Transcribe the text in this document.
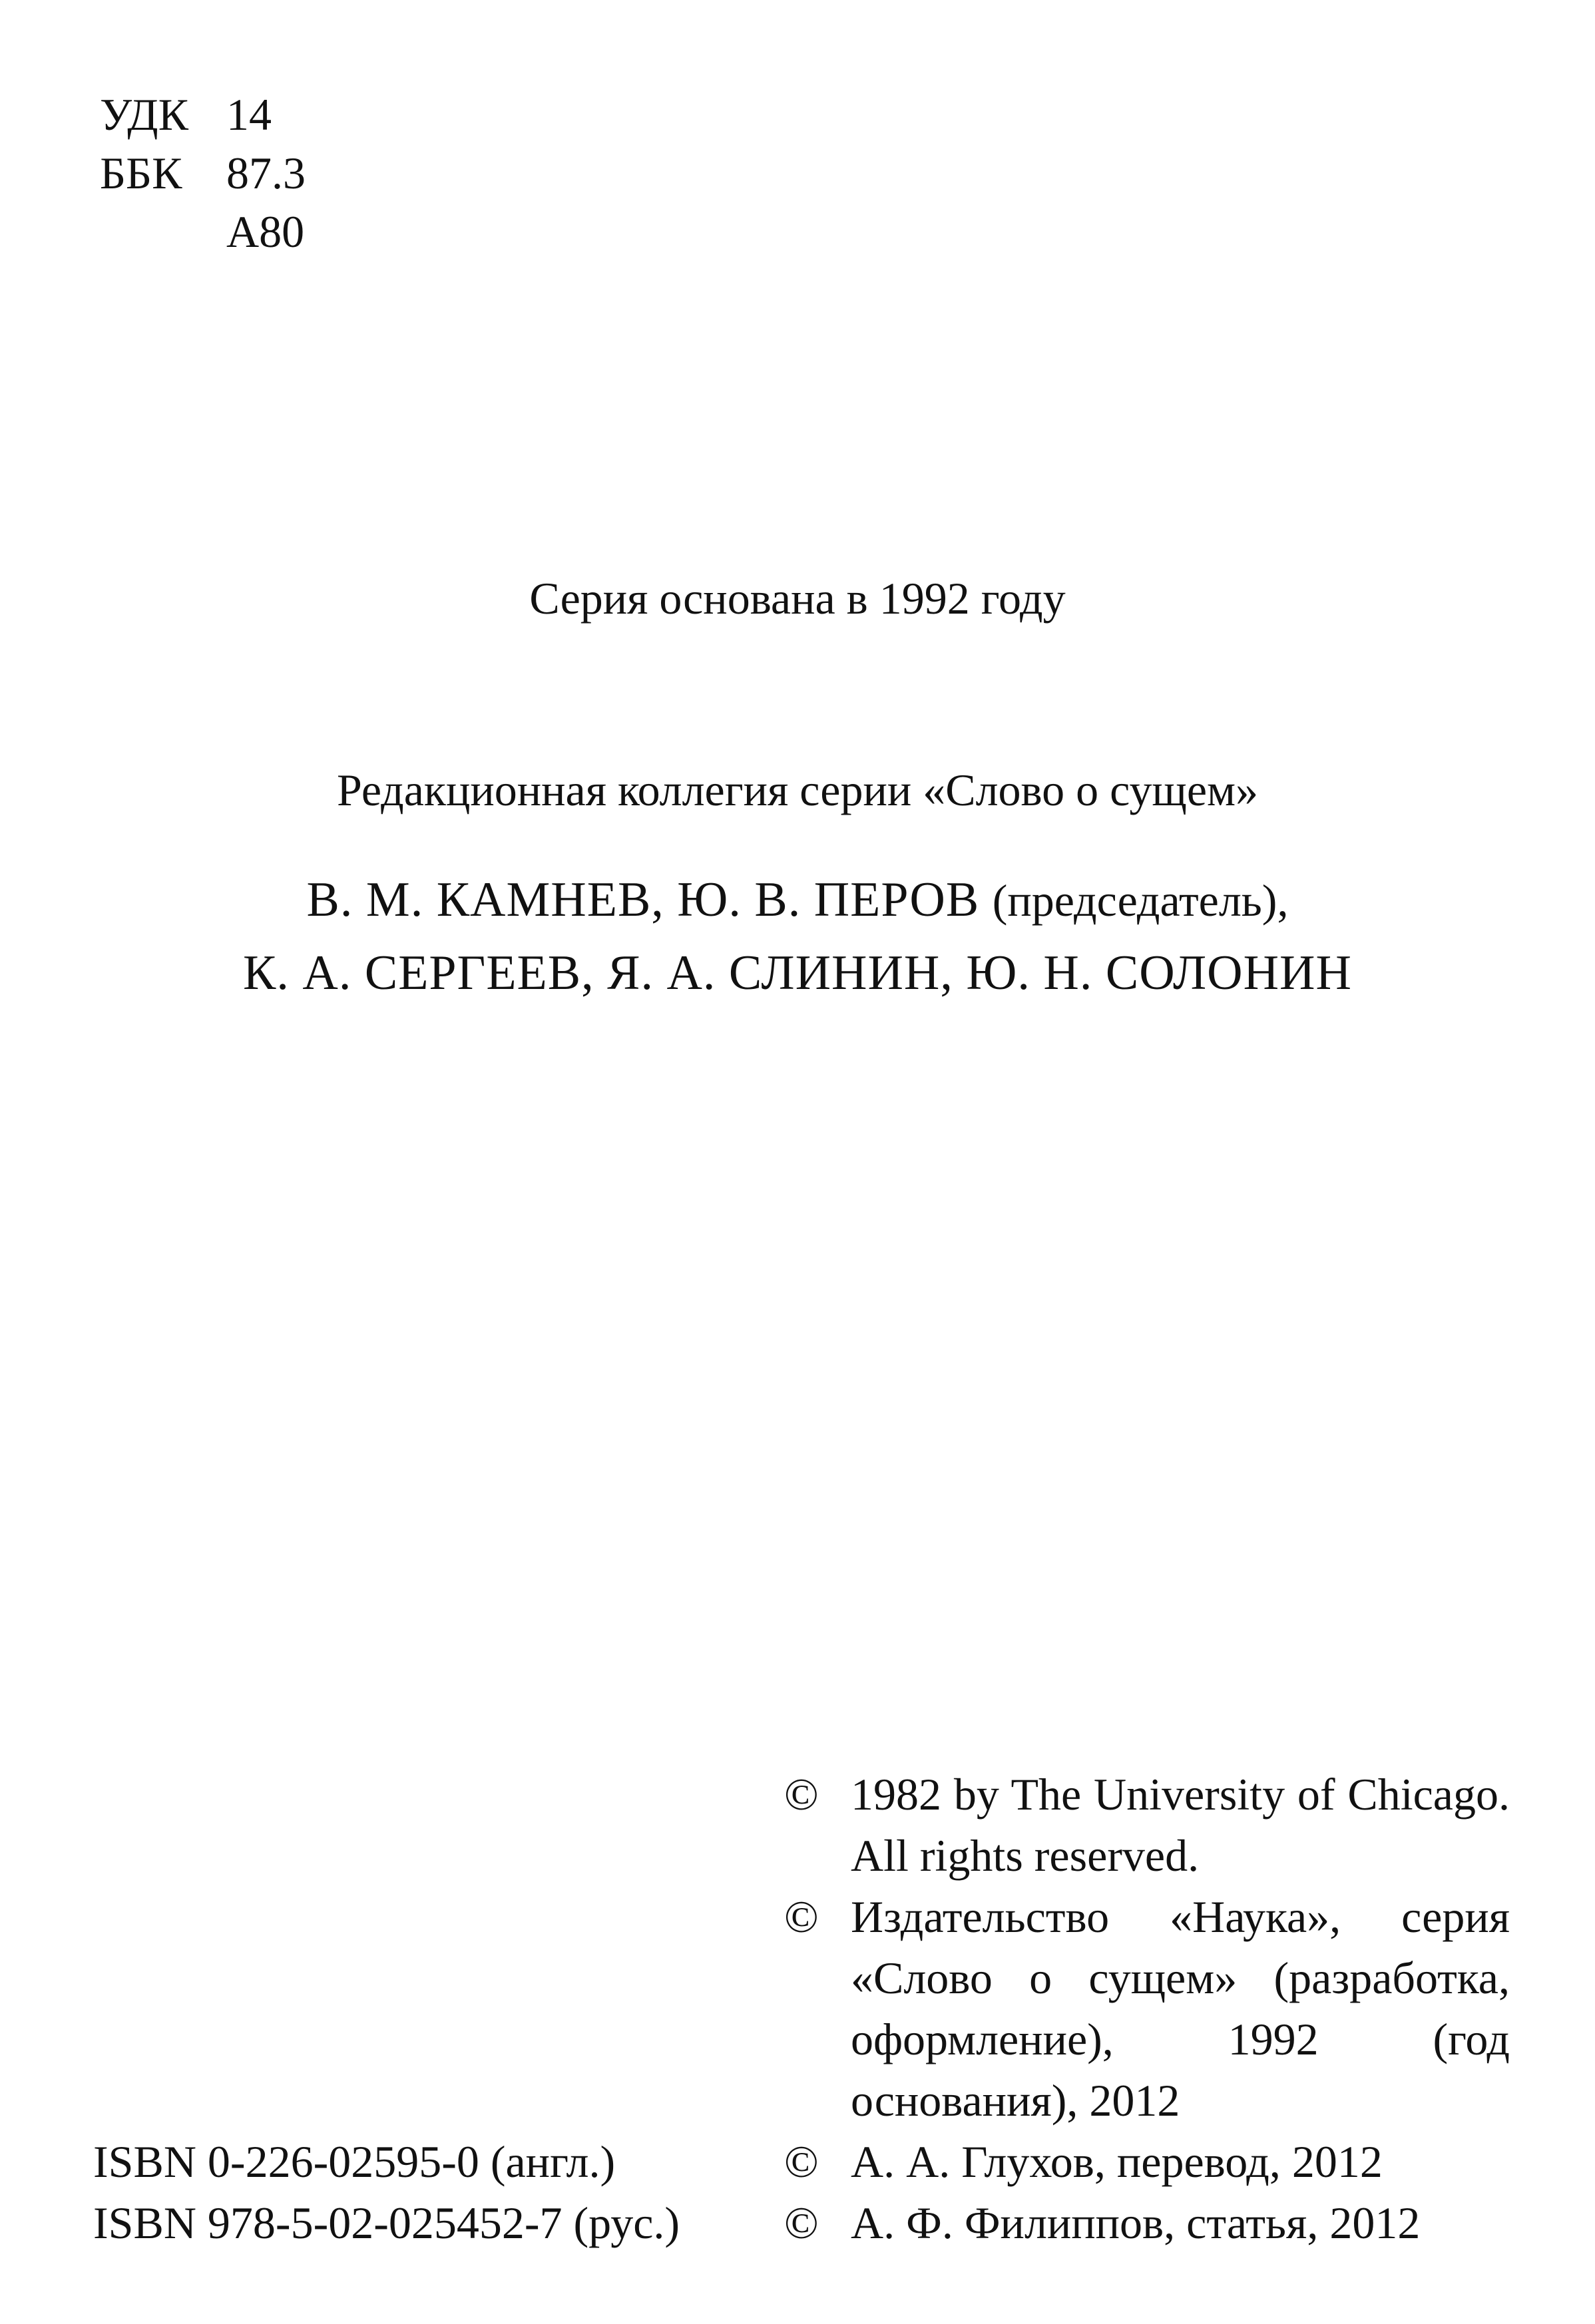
УДК 14
ББК 87.3
А80
Серия основана в 1992 году
Редакционная коллегия серии «Слово о сущем»
В. М. КАМНЕВ, Ю. В. ПЕРОВ (председатель),
К. А. СЕРГЕЕВ, Я. А. СЛИНИН, Ю. Н. СОЛОНИН
© 1982 by The University of Chicago. All rights reserved.
© Издательство «Наука», серия «Слово о сущем» (разработка, оформление), 1992 (год основания), 2012
© А. А. Глухов, перевод, 2012
© А. Ф. Филиппов, статья, 2012
ISBN 0-226-02595-0 (англ.)
ISBN 978-5-02-025452-7 (рус.)
